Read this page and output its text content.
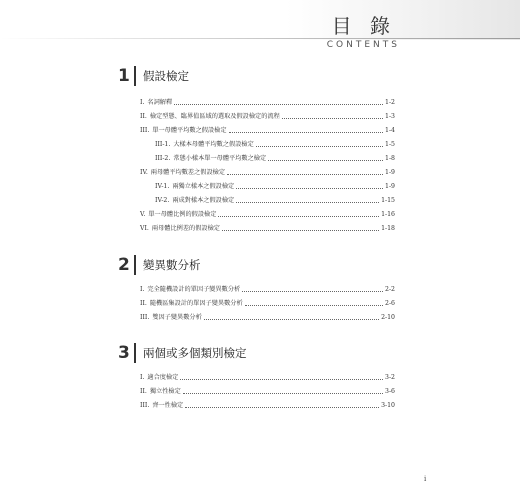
目 錄
CONTENTS
1 假設檢定
2 變異數分析
3 兩個或多個類別檢定
I. 名詞解釋	1-2
II. 檢定型態、臨界值區域的選取及假設檢定的流程	1-3
III. 單一母體平均數之假設檢定	1-4
III-1. 大樣本母體平均數之假設檢定	1-5
III-2. 常態小樣本單一母體平均數之檢定	1-8
IV. 兩母體平均數差之假設檢定	1-9
IV-1. 兩獨立樣本之假設檢定	1-9
IV-2. 兩成對樣本之假設檢定	1-15
V. 單一母體比例的假設檢定	1-16
VI. 兩母體比例差的假設檢定	1-18
I. 完全隨機設計的單因子變異數分析	2-2
II. 隨機區集設計的單因子變異數分析	2-6
III. 雙因子變異數分析	2-10
I. 適合度檢定	3-2
II. 獨立性檢定	3-6
III. 齊一性檢定	3-10
i
